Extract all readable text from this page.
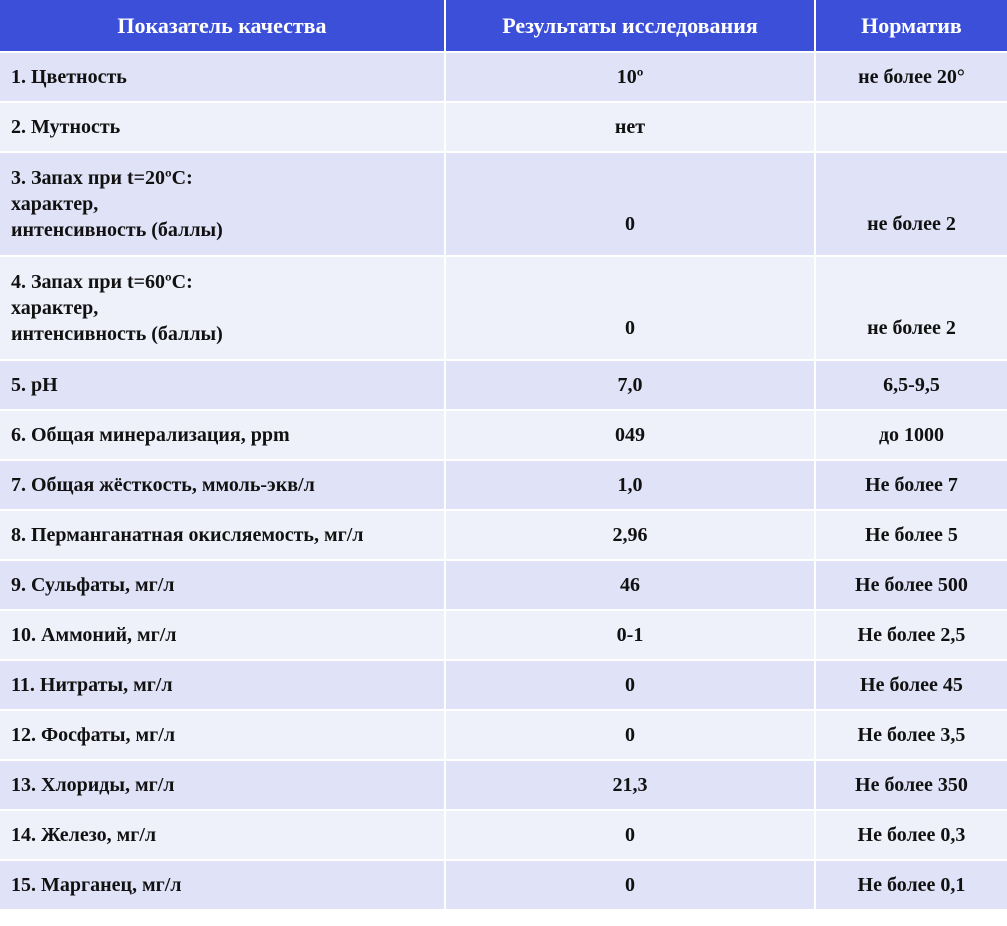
Показатель качества	Результаты исследования	Норматив
1. Цветность	10º	не более 20°
2. Мутность	нет
3. Запах при t=20ºС:
характер,
интенсивность (баллы)	0	не более 2
4. Запах при t=60ºС:
характер,
интенсивность (баллы)	0	не более 2
5. рН	7,0	6,5-9,5
6. Общая минерализация, ppm	049	до 1000
7. Общая жёсткость, ммоль-экв/л	1,0	Не более 7
8. Перманганатная окисляемость, мг/л	2,96	Не более 5
9. Сульфаты, мг/л	46	Не более 500
10. Аммоний, мг/л	0-1	Не более 2,5
11. Нитраты, мг/л	0	Не более 45
12. Фосфаты, мг/л	0	Не более 3,5
13. Хлориды, мг/л	21,3	Не более 350
14. Железо, мг/л	0	Не более 0,3
15. Марганец, мг/л	0	Не более 0,1
